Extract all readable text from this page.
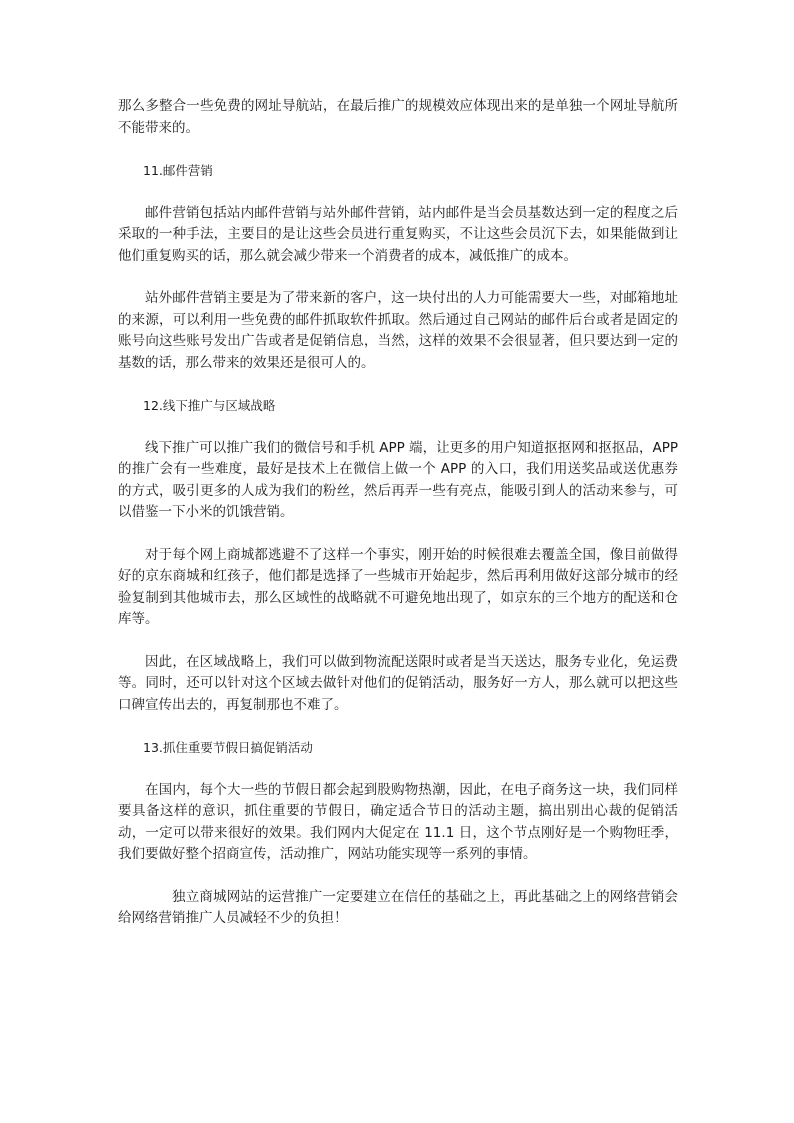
那么多整合一些免费的网址导航站，在最后推广的规模效应体现出来的是单独一个网址导航所不能带来的。

11.邮件营销

邮件营销包括站内邮件营销与站外邮件营销，站内邮件是当会员基数达到一定的程度之后采取的一种手法，主要目的是让这些会员进行重复购买，不让这些会员沉下去，如果能做到让他们重复购买的话，那么就会减少带来一个消费者的成本，减低推广的成本。

站外邮件营销主要是为了带来新的客户，这一块付出的人力可能需要大一些，对邮箱地址的来源，可以利用一些免费的邮件抓取软件抓取。然后通过自己网站的邮件后台或者是固定的账号向这些账号发出广告或者是促销信息，当然，这样的效果不会很显著，但只要达到一定的基数的话，那么带来的效果还是很可人的。

12.线下推广与区域战略

线下推广可以推广我们的微信号和手机 APP 端，让更多的用户知道抠抠网和抠抠品，APP 的推广会有一些难度，最好是技术上在微信上做一个 APP 的入口，我们用送奖品或送优惠券的方式，吸引更多的人成为我们的粉丝，然后再弄一些有亮点，能吸引到人的活动来参与，可以借鉴一下小米的饥饿营销。

对于每个网上商城都逃避不了这样一个事实，刚开始的时候很难去覆盖全国，像目前做得好的京东商城和红孩子，他们都是选择了一些城市开始起步，然后再利用做好这部分城市的经验复制到其他城市去，那么区域性的战略就不可避免地出现了，如京东的三个地方的配送和仓库等。

因此，在区域战略上，我们可以做到物流配送限时或者是当天送达，服务专业化，免运费等。同时，还可以针对这个区域去做针对他们的促销活动，服务好一方人，那么就可以把这些口碑宣传出去的，再复制那也不难了。

13.抓住重要节假日搞促销活动

在国内，每个大一些的节假日都会起到股购物热潮，因此，在电子商务这一块，我们同样要具备这样的意识，抓住重要的节假日，确定适合节日的活动主题，搞出别出心裁的促销活动，一定可以带来很好的效果。我们网内大促定在 11.1 日，这个节点刚好是一个购物旺季，我们要做好整个招商宣传，活动推广，网站功能实现等一系列的事情。

独立商城网站的运营推广一定要建立在信任的基础之上，再此基础之上的网络营销会给网络营销推广人员减轻不少的负担！
